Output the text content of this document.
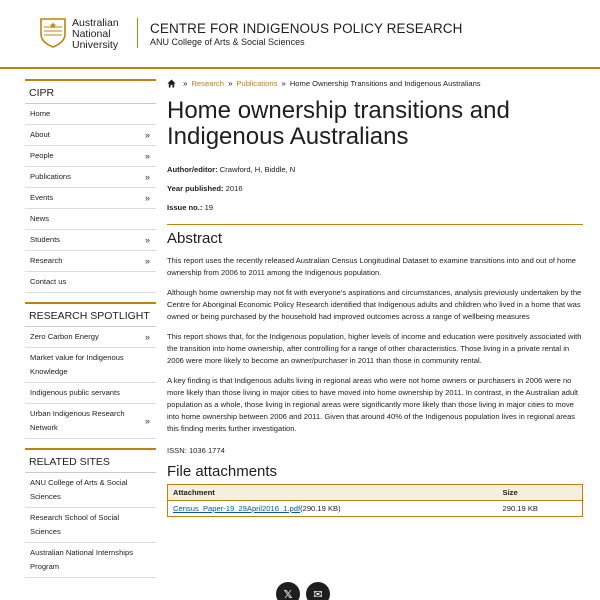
Australian
National
University
CENTRE FOR INDIGENOUS POLICY RESEARCH
ANU College of Arts & Social Sciences
CIPR
Home
About	»
People	»
Publications	»
Events	»
News
Students	»
Research	»
Contact us
RESEARCH SPOTLIGHT
Zero Carbon Energy	»
Market value for Indigenous Knowledge
Indigenous public servants
Urban Indigenous Research Network
»
RELATED SITES
ANU College of Arts & Social Sciences
Research School of Social Sciences
Australian National Internships Program
» Research » Publications » Home Ownership Transitions and Indigenous Australians
Home ownership transitions and Indigenous Australians
Author/editor: Crawford, H, Biddle, N
Year published: 2016
Issue no.: 19
Abstract

This report uses the recently released Australian Census Longitudinal Dataset to examine transitions into and out of home ownership from 2006 to 2011 among the Indigenous population.

Although home ownership may not fit with everyone's aspirations and circumstances, analysis previously undertaken by the Centre for Aboriginal Economic Policy Research identified that Indigenous adults and children who lived in a home that was owned or being purchased by the household had improved outcomes across a range of wellbeing measures

This report shows that, for the Indigenous population, higher levels of income and education were positively associated with the transition into home ownership, after controlling for a range of other characteristics. Those living in a private rental in 2006 were more likely to become an owner/purchaser in 2011 than those in community rental.

A key finding is that Indigenous adults living in regional areas who were not home owners or purchasers in 2006 were no more likely than those living in major cities to have moved into home ownership by 2011. In contrast, in the Australian adult population as a whole, those living in regional areas were significantly more likely than those living in major cities to move into home ownership between 2006 and 2011. Given that around 40% of the Indigenous population lives in regional areas this finding merits further investigation.

ISSN: 1036 1774

File attachments
Attachment	Size
Census_Paper-19_29April2016_1.pdf(290.19 KB)	290.19 KB
𝕏	✉
